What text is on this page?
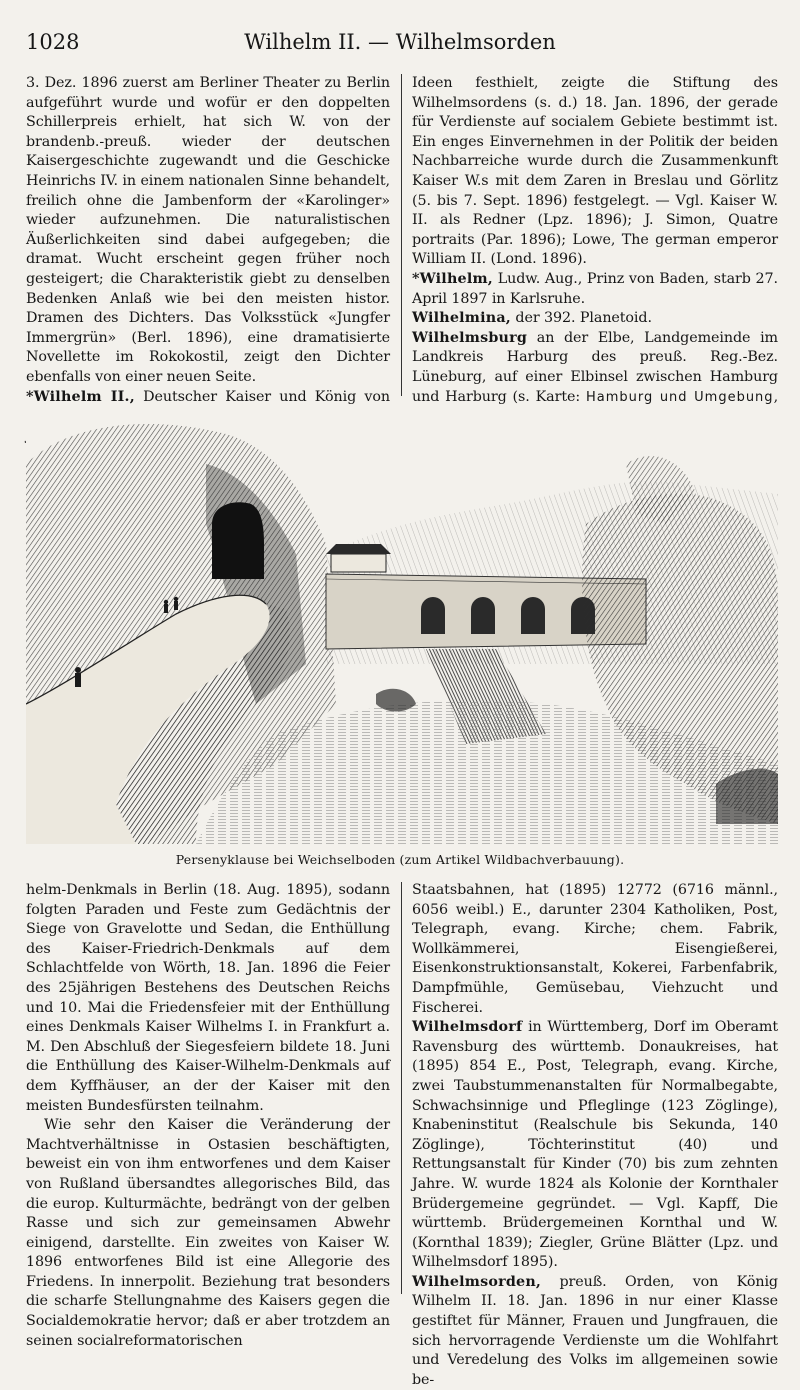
1028	Wilhelm II. — Wilhelmsorden

3. Dez. 1896 zuerst am Berliner Theater zu Berlin aufgeführt wurde und wofür er den doppelten Schillerpreis erhielt, hat sich W. von der brandenb.-preuß. wieder der deutschen Kaisergeschichte zugewandt und die Geschicke Heinrichs IV. in einem nationalen Sinne behandelt, freilich ohne die Jambenform der «Karolinger» wieder aufzunehmen. Die naturalistischen Äußerlichkeiten sind dabei aufgegeben; die dramat. Wucht erscheint gegen früher noch gesteigert; die Charakteristik giebt zu denselben Bedenken Anlaß wie bei den meisten histor. Dramen des Dichters. Das Volksstück «Jungfer Immergrün» (Berl. 1896), eine dramatisierte Novellette im Rokokostil, zeigt den Dichter ebenfalls von einer neuen Seite.

*Wilhelm II., Deutscher Kaiser und König von

Ideen festhielt, zeigte die Stiftung des Wilhelmsordens (s. d.) 18. Jan. 1896, der gerade für Verdienste auf socialem Gebiete bestimmt ist. Ein enges Einvernehmen in der Politik der beiden Nachbarreiche wurde durch die Zusammenkunft Kaiser W.s mit dem Zaren in Breslau und Görlitz (5. bis 7. Sept. 1896) festgelegt. — Vgl. Kaiser W. II. als Redner (Lpz. 1896); J. Simon, Quatre portraits (Par. 1896); Lowe, The german emperor William II. (Lond. 1896).

*Wilhelm, Ludw. Aug., Prinz von Baden, starb 27. April 1897 in Karlsruhe.

Wilhelmina, der 392. Planetoid.

Wilhelmsburg an der Elbe, Landgemeinde im Landkreis Harburg des preuß. Reg.-Bez. Lüneburg, auf einer Elbinsel zwischen Hamburg und Harburg (s. Karte: Hamburg und Umgebung,

Persenyklause bei Weichselboden (zum Artikel Wildbachverbauung).

helm-Denkmals in Berlin (18. Aug. 1895), sodann folgten Paraden und Feste zum Gedächtnis der Siege von Gravelotte und Sedan, die Enthüllung des Kaiser-Friedrich-Denkmals auf dem Schlachtfelde von Wörth, 18. Jan. 1896 die Feier des 25jährigen Bestehens des Deutschen Reichs und 10. Mai die Friedensfeier mit der Enthüllung eines Denkmals Kaiser Wilhelms I. in Frankfurt a. M. Den Abschluß der Siegesfeiern bildete 18. Juni die Enthüllung des Kaiser-Wilhelm-Denkmals auf dem Kyffhäuser, an der der Kaiser mit den meisten Bundesfürsten teilnahm.

Wie sehr den Kaiser die Veränderung der Machtverhältnisse in Ostasien beschäftigten, beweist ein von ihm entworfenes und dem Kaiser von Rußland übersandtes allegorisches Bild, das die europ. Kulturmächte, bedrängt von der gelben Rasse und sich zur gemeinsamen Abwehr einigend, darstellte. Ein zweites von Kaiser W. 1896 entworfenes Bild ist eine Allegorie des Friedens. In innerpolit. Beziehung trat besonders die scharfe Stellungnahme des Kaisers gegen die Socialdemokratie hervor; daß er aber trotzdem an seinen socialreformatorischen

Staatsbahnen, hat (1895) 12772 (6716 männl., 6056 weibl.) E., darunter 2304 Katholiken, Post, Telegraph, evang. Kirche; chem. Fabrik, Wollkämmerei, Eisengießerei, Eisenkonstruktionsanstalt, Kokerei, Farbenfabrik, Dampfmühle, Gemüsebau, Viehzucht und Fischerei.

Wilhelmsdorf in Württemberg, Dorf im Oberamt Ravensburg des württemb. Donaukreises, hat (1895) 854 E., Post, Telegraph, evang. Kirche, zwei Taubstummenanstalten für Normalbegabte, Schwachsinnige und Pfleglinge (123 Zöglinge), Knabeninstitut (Realschule bis Sekunda, 140 Zöglinge), Töchterinstitut (40) und Rettungsanstalt für Kinder (70) bis zum zehnten Jahre. W. wurde 1824 als Kolonie der Kornthaler Brüdergemeine gegründet. — Vgl. Kapff, Die württemb. Brüdergemeinen Kornthal und W. (Kornthal 1839); Ziegler, Grüne Blätter (Lpz. und Wilhelmsdorf 1895).

Wilhelmsorden, preuß. Orden, von König Wilhelm II. 18. Jan. 1896 in nur einer Klasse gestiftet für Männer, Frauen und Jungfrauen, die sich hervorragende Verdienste um die Wohlfahrt und Veredelung des Volks im allgemeinen sowie be-
